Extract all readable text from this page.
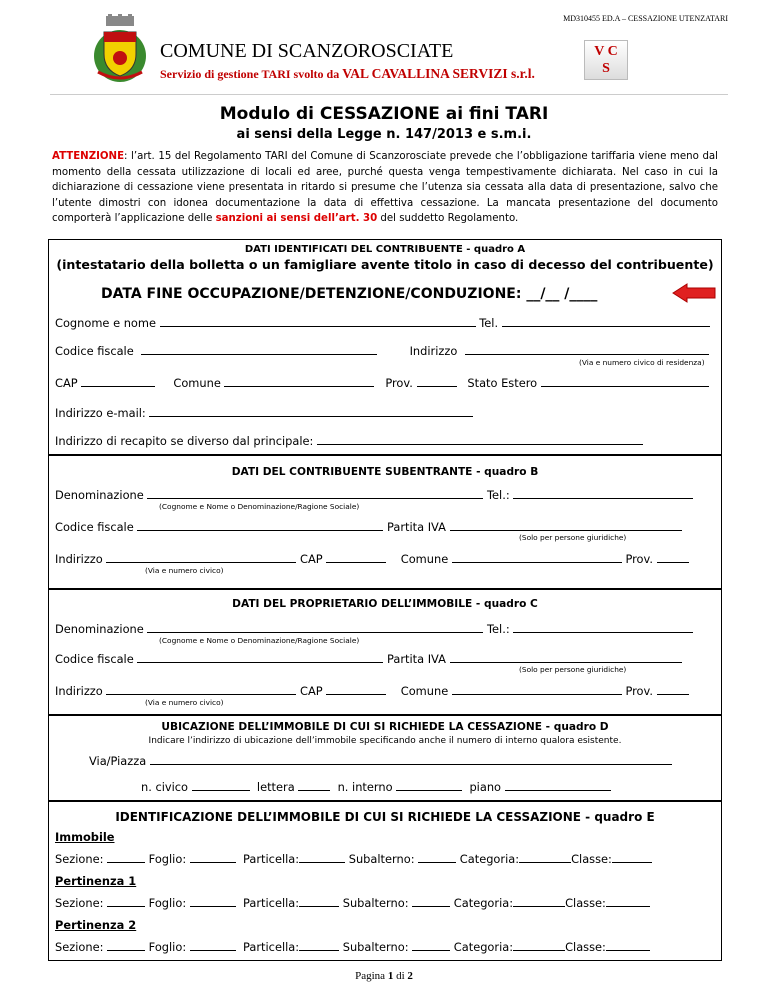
MD310455 ED.A – CESSAZIONE UTENZATARI
COMUNE DI SCANZOROSCIATE
Servizio di gestione TARI svolto da VAL CAVALLINA SERVIZI s.r.l.
V C
S
Modulo di CESSAZIONE ai fini TARI
ai sensi della Legge n. 147/2013 e s.m.i.
ATTENZIONE: l’art. 15 del Regolamento TARI del Comune di Scanzorosciate prevede che l’obbligazione tariffaria viene meno dal momento della cessata utilizzazione di locali ed aree, purché questa venga tempestivamente dichiarata. Nel caso in cui la dichiarazione di cessazione viene presentata in ritardo si presume che l’utenza sia cessata alla data di presentazione, salvo che l’utente dimostri con idonea documentazione la data di effettiva cessazione. La mancata presentazione del documento comporterà l’applicazione delle sanzioni ai sensi dell’art. 30 del suddetto Regolamento.
DATI IDENTIFICATI DEL CONTRIBUENTE - quadro A
(intestatario della bolletta o un famigliare avente titolo in caso di decesso del contribuente)
DATA FINE OCCUPAZIONE/DETENZIONE/CONDUZIONE: __/__ /____
Cognome e nome	Tel.
Codice fiscale	Indirizzo
(Via e numero civico di residenza)
CAP	Comune	Prov.	Stato Estero
Indirizzo e-mail:
Indirizzo di recapito se diverso dal principale:
DATI DEL CONTRIBUENTE SUBENTRANTE - quadro B
Denominazione	Tel.:
(Cognome e Nome o Denominazione/Ragione Sociale)
Codice fiscale	Partita IVA
(Solo per persone giuridiche)
Indirizzo	CAP	Comune	Prov.
(Via e numero civico)
DATI DEL PROPRIETARIO DELL’IMMOBILE - quadro C
Denominazione	Tel.:
(Cognome e Nome o Denominazione/Ragione Sociale)
Codice fiscale	Partita IVA
(Solo per persone giuridiche)
Indirizzo	CAP	Comune	Prov.
(Via e numero civico)
UBICAZIONE DELL’IMMOBILE DI CUI SI RICHIEDE LA CESSAZIONE - quadro D
Indicare l’indirizzo di ubicazione dell’immobile specificando anche il numero di interno qualora esistente.
Via/Piazza
n. civico	lettera	n. interno	piano
IDENTIFICAZIONE DELL’IMMOBILE DI CUI SI RICHIEDE LA CESSAZIONE - quadro E
Immobile
Sezione:	Foglio:	Particella:	Subalterno:	Categoria:	Classe:
Pertinenza 1
Sezione:	Foglio:	Particella:	Subalterno:	Categoria:	Classe:
Pertinenza 2
Sezione:	Foglio:	Particella:	Subalterno:	Categoria:	Classe:
Pagina 1 di 2
